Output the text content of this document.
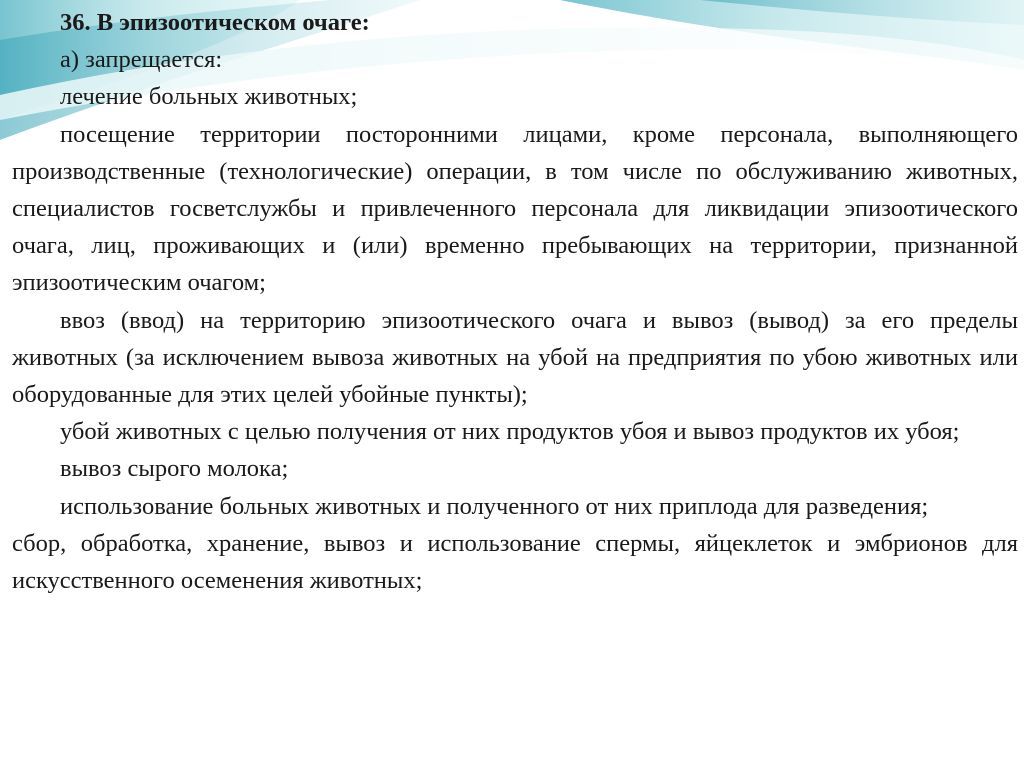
36. В эпизоотическом очаге:

а) запрещается:

лечение больных животных;

посещение территории посторонними лицами, кроме персонала, выполняющего производственные (технологические) операции, в том числе по обслуживанию животных, специалистов госветслужбы и привлеченного персонала для ликвидации эпизоотического очага, лиц, проживающих и (или) временно пребывающих на территории, признанной эпизоотическим очагом;

ввоз (ввод) на территорию эпизоотического очага и вывоз (вывод) за его пределы животных (за исключением вывоза животных на убой на предприятия по убою животных или оборудованные для этих целей убойные пункты);

убой животных с целью получения от них продуктов убоя и вывоз продуктов их убоя;

вывоз сырого молока;

использование больных животных и полученного от них приплода для разведения;

сбор, обработка, хранение, вывоз и использование спермы, яйцеклеток и эмбрионов для искусственного осеменения животных;
